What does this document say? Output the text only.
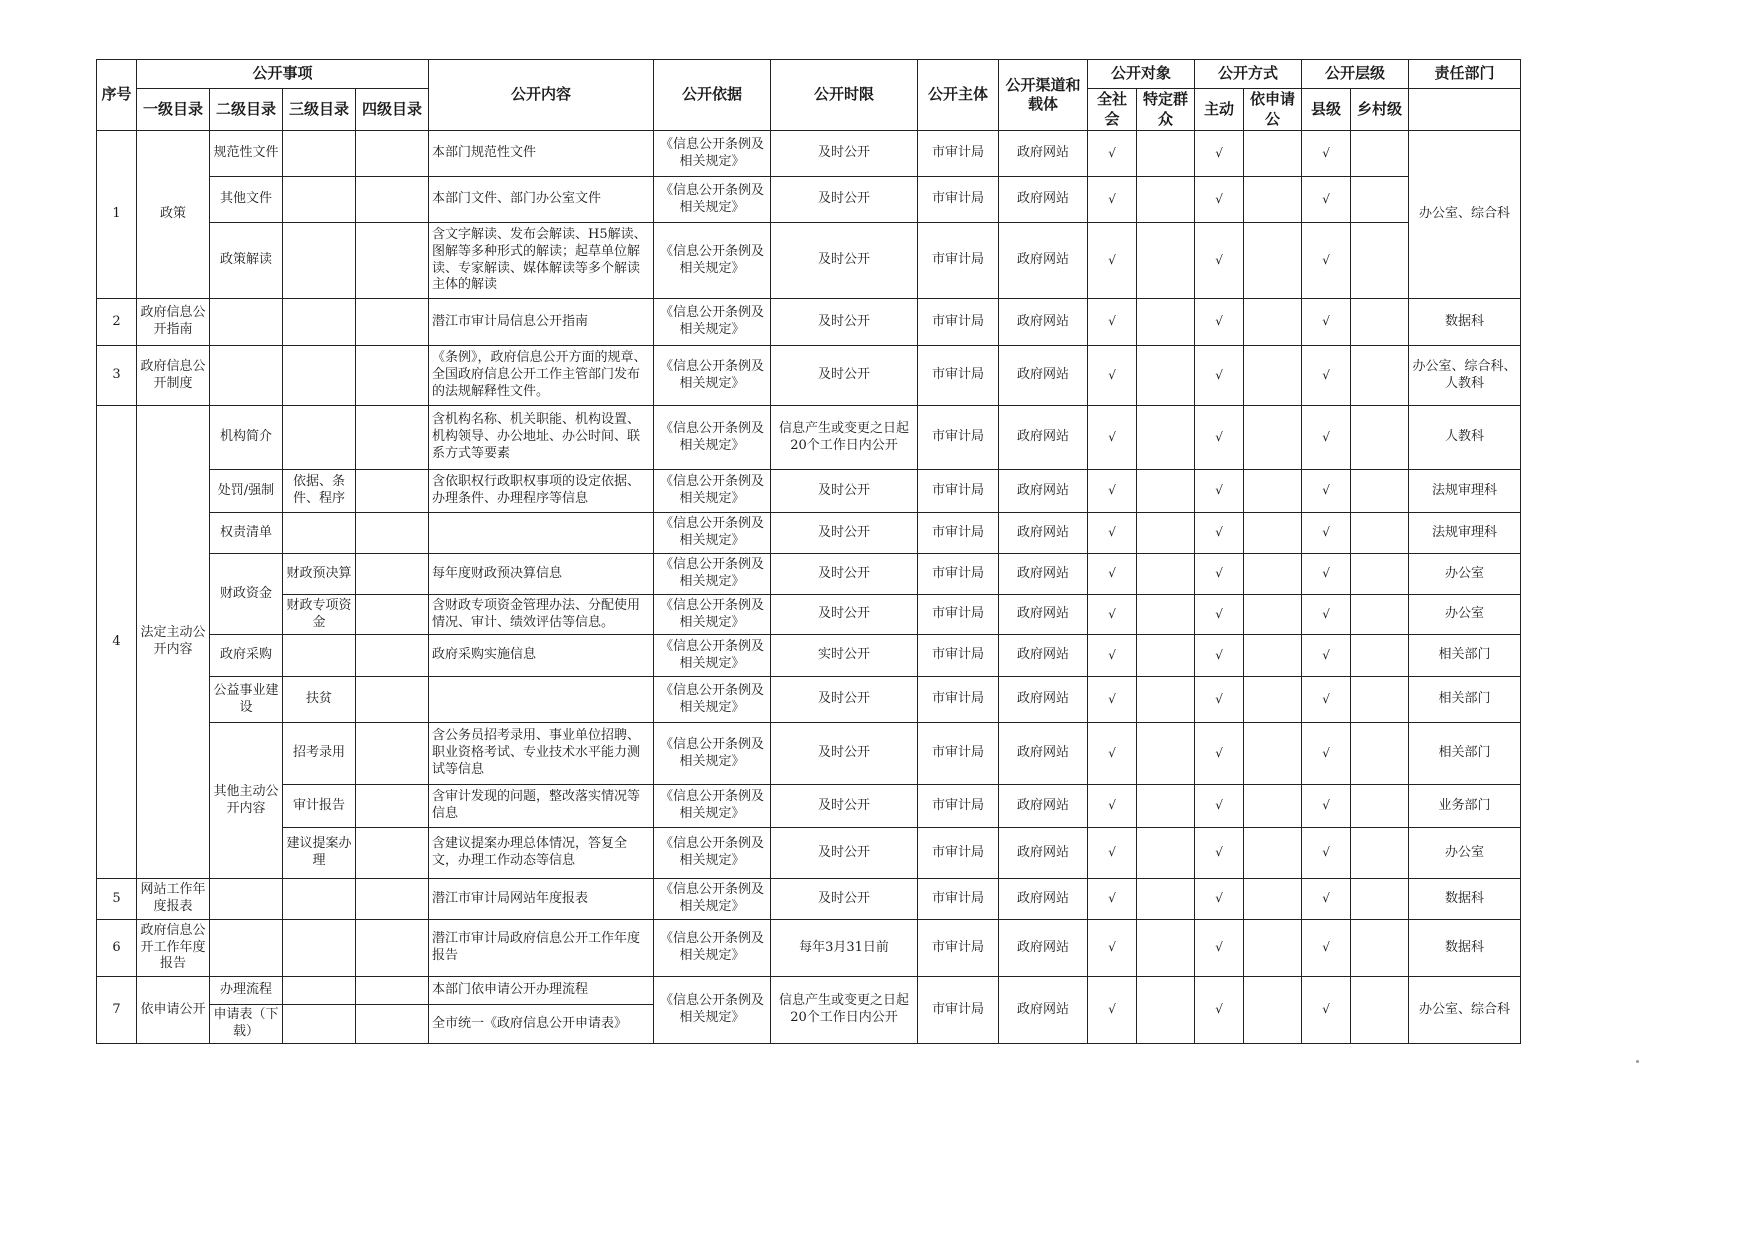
序号	公开事项				公开内容	公开依据	公开时限	公开主体	公开渠道和载体	公开对象		公开方式		公开层级		责任部门
	一级目录	二级目录	三级目录	四级目录						全社会	特定群众	主动	依申请公	县级	乡村级	
1	政策	规范性文件			本部门规范性文件	《信息公开条例及相关规定》	及时公开	市审计局	政府网站	√		√		√		办公室、综合科
		其他文件			本部门文件、部门办公室文件	《信息公开条例及相关规定》	及时公开	市审计局	政府网站	√		√		√		
		政策解读			含文字解读、发布会解读、H5解读、图解等多种形式的解读；起草单位解读、专家解读、媒体解读等多个解读主体的解读	《信息公开条例及相关规定》	及时公开	市审计局	政府网站	√		√		√		
2	政府信息公开指南				潜江市审计局信息公开指南	《信息公开条例及相关规定》	及时公开	市审计局	政府网站	√		√		√		数据科
3	政府信息公开制度				《条例》，政府信息公开方面的规章、全国政府信息公开工作主管部门发布的法规解释性文件。	《信息公开条例及相关规定》	及时公开	市审计局	政府网站	√		√		√		办公室、综合科、人教科
4	法定主动公开内容	机构简介			含机构名称、机关职能、机构设置、机构领导、办公地址、办公时间、联系方式等要素	《信息公开条例及相关规定》	信息产生或变更之日起20个工作日内公开	市审计局	政府网站	√		√		√		人教科
		处罚/强制	依据、条件、程序		含依职权行政职权事项的设定依据、办理条件、办理程序等信息	《信息公开条例及相关规定》	及时公开	市审计局	政府网站	√		√		√		法规审理科
		权责清单				《信息公开条例及相关规定》	及时公开	市审计局	政府网站	√		√		√		法规审理科
		财政资金	财政预决算		每年度财政预决算信息	《信息公开条例及相关规定》	及时公开	市审计局	政府网站	√		√		√		办公室
			财政专项资金		含财政专项资金管理办法、分配使用情况、审计、绩效评估等信息。	《信息公开条例及相关规定》	及时公开	市审计局	政府网站	√		√		√		办公室
		政府采购			政府采购实施信息	《信息公开条例及相关规定》	实时公开	市审计局	政府网站	√		√		√		相关部门
		公益事业建设	扶贫			《信息公开条例及相关规定》	及时公开	市审计局	政府网站	√		√		√		相关部门
		其他主动公开内容	招考录用		含公务员招考录用、事业单位招聘、职业资格考试、专业技术水平能力测试等信息	《信息公开条例及相关规定》	及时公开	市审计局	政府网站	√		√		√		相关部门
			审计报告		含审计发现的问题，整改落实情况等信息	《信息公开条例及相关规定》	及时公开	市审计局	政府网站	√		√		√		业务部门
			建议提案办理		含建议提案办理总体情况，答复全文，办理工作动态等信息	《信息公开条例及相关规定》	及时公开	市审计局	政府网站	√		√		√		办公室
5	网站工作年度报表				潜江市审计局网站年度报表	《信息公开条例及相关规定》	及时公开	市审计局	政府网站	√		√		√		数据科
6	政府信息公开工作年度报告				潜江市审计局政府信息公开工作年度报告	《信息公开条例及相关规定》	每年3月31日前	市审计局	政府网站	√		√		√		数据科
7	依申请公开	办理流程			本部门依申请公开办理流程	《信息公开条例及相关规定》	信息产生或变更之日起20个工作日内公开	市审计局	政府网站	√		√		√		办公室、综合科
		申请表（下载）			全市统一《政府信息公开申请表》											
